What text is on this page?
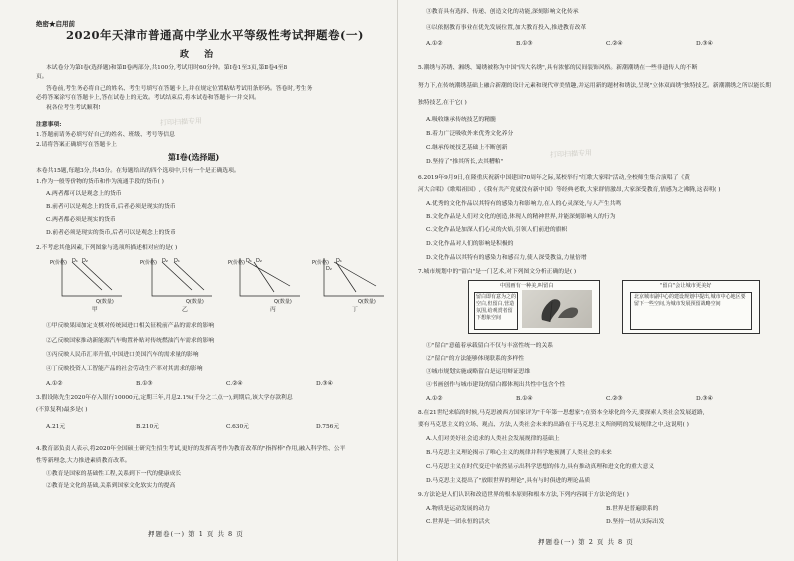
绝密★启用前
2020年天津市普通高中学业水平等级性考试押题卷(一)
政 治
本试卷分为第Ⅰ卷(选择题)和第Ⅱ卷两部分,共100分,考试用时60分钟。第Ⅰ卷1至3页,第Ⅱ卷4至8
页。
答卷前,考生务必将自己的姓名、考生号填写在答题卡上,并在规定位置粘贴考试用条形码。答卷时,考生务
必将答案涂写在答题卡上,答在试卷上的无效。考试结束后,将本试卷和答题卡一并交回。
祝各位考生考试顺利!
打印扫描专用
注意事项:
1.答题前请务必填写好自己的姓名、班级、考号等信息
2.请将答案正确填写在答题卡上
第Ⅰ卷(选择题)
本卷共15题,每题3分,共45分。在每题给出的四个选项中,只有一个是正确选项。
1.作为一般等价物的货币和作为流通手段的货币( )
A.两者都可以是观念上的货币
B.前者可以是观念上的货币,后者必须是现实的货币
C.两者都必须是现实的货币
D.前者必须是现实的货币,后者可以是观念上的货币
2.不考虑其他因素,下列图象与选项所描述相对应的是( )
P(价格)
Q(数量)
D₁ D₂
甲
P(价格)
Q(数量)
D₁
D₂
乙
P(价格)
Q(数量)
D₁ D₂
丙
P(价格)
Q(数量)
D₁
D₂
丁
①甲反映果园加定支棋对传统园进口相关征税前产品的需求的影响
②乙反映国家推动新能源汽车购置补贴对传统燃油汽车需求的影响
③丙反映人民币汇率升值,中国进口美国汽车的需求量的影响
④丁反映投资人工智能产品的社会劳动生产率对其需求的影响
A.①②	B.①③	C.②④	D.③④
3.假设陈先生2020年存入银行10000元,定期三年,月息2.1%(千分之二点一),到期后,该大学存款利息
(不算复利)最多是( )
A.21元	B.210元	C.630元	D.756元
4.教育部负责人表示,将2020年全国硕士研究生招生考试,更好的发挥高考作为教育改革的"指挥棒"作用,融入科学性、公平
性等新理念,大力推进素质教育改革。
①教育是国家的基础性工程,关系到下一代的健康成长
②教育是文化的基础,关系到国家文化软实力的提高
押题卷(一) 第 1 页 共 8 页
③教育具有选择、传递、创造文化的功能,深刻影响文化传承
④以依据教育事业在优先发展位置,加大教育投入,推进教育改革
A.①②	B.①③	C.②④	D.③④
5.潮绣与苏绣、湘绣、蜀绣被称为中国"四大名绣",具有浓郁的民间装饰风格。新潮潮绣在一些非遗传人的不断
努力下,在传统潮绣基础上融合新潮的设计元素和现代审美情趣,并运用新的题材和绣法,呈现"立体双面绣"独特技艺。新潮潮绣之所以能长期
独特技艺,在于它( )
A.吸收继承传统技艺的精髓
B.着力广泛吸收外来优秀文化养分
C.继承传统技艺基础上不断创新
D.坚持了"推其所长,去其糟粕"
打印扫描专用
6.2019年9月9日,在隆重庆祝新中国建国70周年之际,某校举行"红歌大家唱"活动,全校师生集合演唱了《黄
河大合唱》《歌唱祖国》,《我有共产党就没有新中国》等经典老歌,大家群情激昂,大家深受教育,情感为之沸腾,这表明( )
A.优秀的文化作品以其特有的感染力和影响力,在人的心灵深处,与人产生共鸣
B.文化作品是人们对文化的创造,体现人的精神世界,并能深刻影响人的行为
C.文化作品是加深人们心灵的火焰,引领人们前进的旗帜
D.文化作品对人们的影响是积极的
D.文化作品以其特有的感染力和感召力,使人深受教益,力量倍增
7.城市规划中的"留白"是一门艺术,对下列图文分析正确的是( )
中国画有一种美,叫留白
留白即有意为之的空白,但留白,营造氛围,给观赏者留下想象空间
"留白"会让城市更美好
北京城市副中心的建设规划中提出,城市中心地区要留下一些空间,为城市发展预留战略空间
①"留白"意蕴着承载留白不仅与丰富性统一的关系
②"留白"的方法能够体现联系的多样性
③城市规划实施或略留白是运用辩证思维
④书画创作与城市建设的留白都体现出共性中包含个性
A.①②	B.①④	C.②③	D.③④
8.在21世纪来临的时候,马克思被西方国家评为"千年第一思想家";在资本全球化的今天,要探索人类社会发展道路,
要有马克思主义的立场、观点、方法,人类社会未来的出路在于马克思主义所阐明的发展规律之中,这说明( )
A.人们对美好社会追求的人类社会发展规律的基础上
B.马克思主义理论揭示了唯心主义的规律并科学地预测了人类社会的未来
C.马克思主义在时代变迁中依然显示出科学思想的伟力,具有推动真理和进文化的重大意义
D.马克思主义提出了"放眼世界的理论",具有与时俱进的理论品质
9.方法论是人们认识和改造世界的根本原则和根本方法,下列内容属于方法论的是( )
A.物质是运动发展的动力	B.世界是普遍联系的
C.世界是一团永恒的活火	D.坚持一切从实际出发
押题卷(一) 第 2 页 共 8 页
